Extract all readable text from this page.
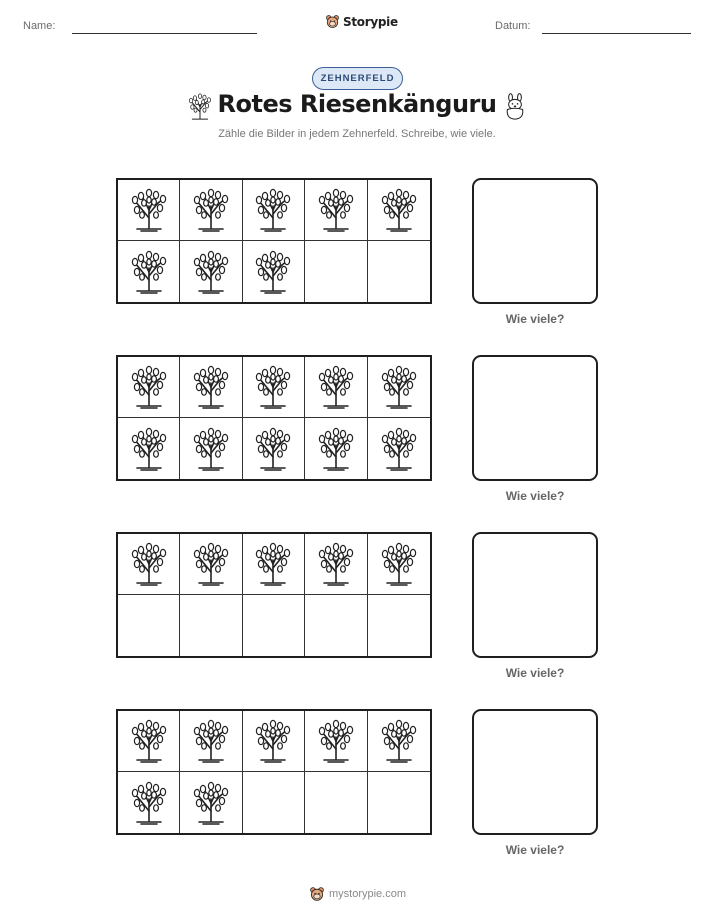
Name:	Storypie	Datum:
ZEHNERFELD
Rotes Riesenkänguru
Zähle die Bilder in jedem Zehnerfeld. Schreibe, wie viele.
Wie viele?
Wie viele?
Wie viele?
Wie viele?
mystorypie.com
